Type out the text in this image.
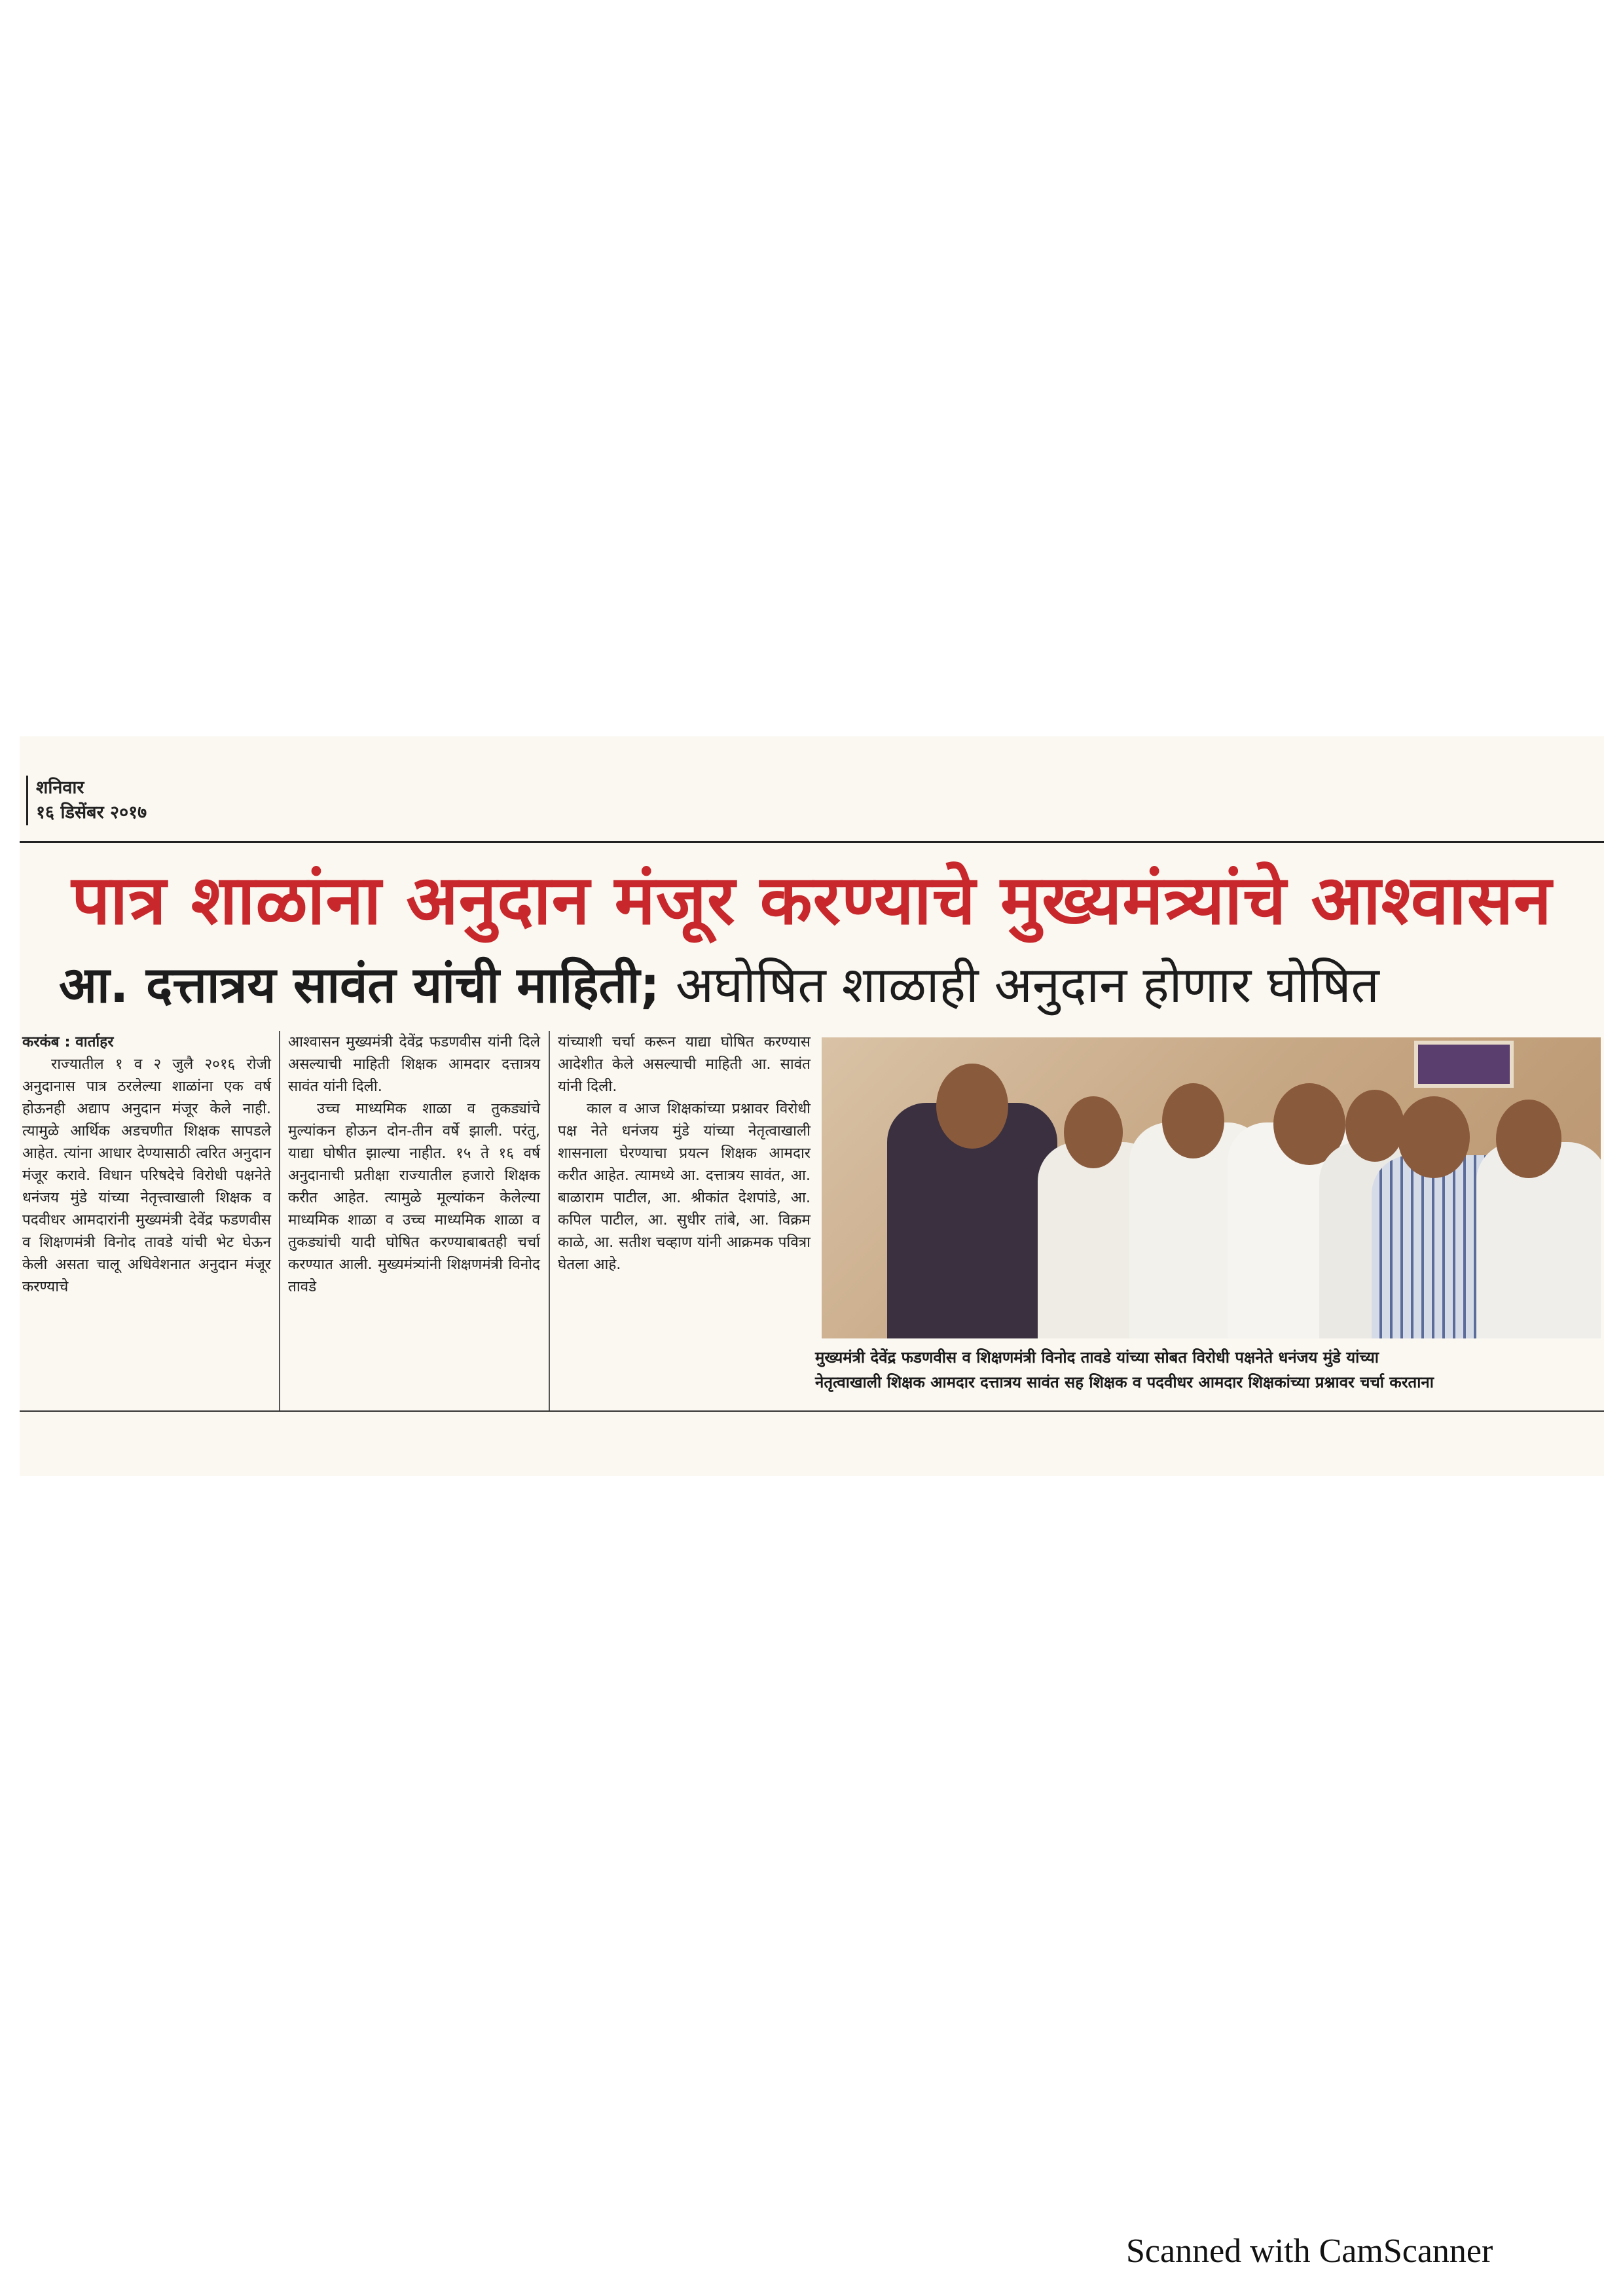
शनिवार
१६ डिसेंबर २०१७
पात्र शाळांना अनुदान मंजूर करण्याचे मुख्यमंत्र्यांचे आश्वासन
आ. दत्तात्रय सावंत यांची माहिती; अघोषित शाळाही अनुदान होणार घोषित

करकंब : वार्ताहर

राज्यातील १ व २ जुलै २०१६ रोजी अनुदानास पात्र ठरलेल्या शाळांना एक वर्ष होऊनही अद्याप अनुदान मंजूर केले नाही. त्यामुळे आर्थिक अडचणीत शिक्षक सापडले आहेत. त्यांना आधार देण्यासाठी त्वरित अनुदान मंजूर करावे. विधान परिषदेचे विरोधी पक्षनेते धनंजय मुंडे यांच्या नेतृत्त्वाखाली शिक्षक व पदवीधर आमदारांनी मुख्यमंत्री देवेंद्र फडणवीस व शिक्षणमंत्री विनोद तावडे यांची भेट घेऊन केली असता चालू अधिवेशनात अनुदान मंजूर करण्याचे

आश्वासन मुख्यमंत्री देवेंद्र फडणवीस यांनी दिले असल्याची माहिती शिक्षक आमदार दत्तात्रय सावंत यांनी दिली.

उच्च माध्यमिक शाळा व तुकड्यांचे मुल्यांकन होऊन दोन-तीन वर्षे झाली. परंतु, याद्या घोषीत झाल्या नाहीत. १५ ते १६ वर्ष अनुदानाची प्रतीक्षा राज्यातील हजारो शिक्षक करीत आहेत. त्यामुळे मूल्यांकन केलेल्या माध्यमिक शाळा व उच्च माध्यमिक शाळा व तुकड्यांची यादी घोषित करण्याबाबतही चर्चा करण्यात आली. मुख्यमंत्र्यांनी शिक्षणमंत्री विनोद तावडे

यांच्याशी चर्चा करून याद्या घोषित करण्यास आदेशीत केले असल्याची माहिती आ. सावंत यांनी दिली.

काल व आज शिक्षकांच्या प्रश्नावर विरोधी पक्ष नेते धनंजय मुंडे यांच्या नेतृत्वाखाली शासनाला घेरण्याचा प्रयत्न शिक्षक आमदार करीत आहेत. त्यामध्ये आ. दत्तात्रय सावंत, आ. बाळाराम पाटील, आ. श्रीकांत देशपांडे, आ. कपिल पाटील, आ. सुधीर तांबे, आ. विक्रम काळे, आ. सतीश चव्हाण यांनी आक्रमक पवित्रा घेतला आहे.

मुख्यमंत्री देवेंद्र फडणवीस व शिक्षणमंत्री विनोद तावडे यांच्या सोबत विरोधी पक्षनेते धनंजय मुंडे यांच्या

नेतृत्वाखाली शिक्षक आमदार दत्तात्रय सावंत सह शिक्षक व पदवीधर आमदार शिक्षकांच्या प्रश्नावर चर्चा करताना

Scanned with CamScanner
